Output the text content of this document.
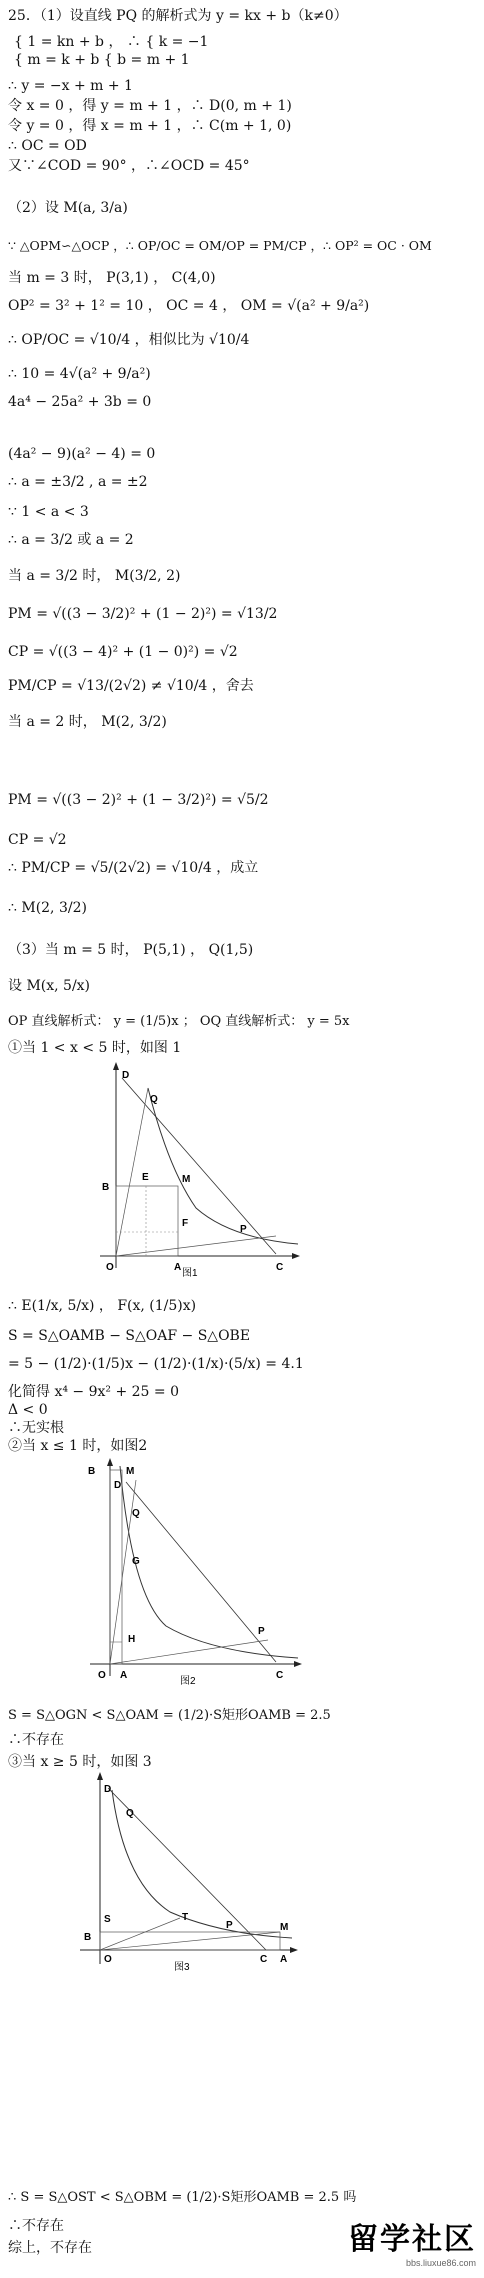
25．（1）设直线 PQ 的解析式为 y = kx + b（k≠0）
{ 1 = kn + b ， ∴ { k = −1
{ m = k + b { b = m + 1
∴ y = −x + m + 1
令 x = 0 ，得 y = m + 1 ，∴ D(0, m + 1)
令 y = 0 ，得 x = m + 1 ，∴ C(m + 1, 0)
∴ OC = OD
又∵∠COD = 90° ，∴∠OCD = 45°
（2）设 M(a, 3/a)
∵ △OPM∽△OCP ，∴ OP/OC = OM/OP = PM/CP ，∴ OP² = OC · OM
当 m = 3 时， P(3,1) ， C(4,0)
OP² = 3² + 1² = 10 ， OC = 4 ， OM = √(a² + 9/a²)
∴ OP/OC = √10/4 ，相似比为 √10/4
∴ 10 = 4√(a² + 9/a²)
4a⁴ − 25a² + 3b = 0
(4a² − 9)(a² − 4) = 0
∴ a = ±3/2 , a = ±2
∵ 1 < a < 3
∴ a = 3/2 或 a = 2
当 a = 3/2 时， M(3/2, 2)
PM = √((3 − 3/2)² + (1 − 2)²) = √13/2
CP = √((3 − 4)² + (1 − 0)²) = √2
PM/CP = √13/(2√2) ≠ √10/4 ，舍去
当 a = 2 时， M(2, 3/2)
PM = √((3 − 2)² + (1 − 3/2)²) = √5/2
CP = √2
∴ PM/CP = √5/(2√2) = √10/4 ，成立
∴ M(2, 3/2)
（3）当 m = 5 时， P(5,1) ， Q(1,5)
设 M(x, 5/x)
OP 直线解析式： y = (1/5)x ； OQ 直线解析式： y = 5x
①当 1 < x < 5 时，如图 1
D
Q
E	M
B
F
P
O	A	C
图1
∴ E(1/x, 5/x) ， F(x, (1/5)x)
S = S△OAMB − S△OAF − S△OBE
= 5 − (1/2)·(1/5)x − (1/2)·(1/x)·(5/x) = 4.1
化简得 x⁴ − 9x² + 25 = 0
Δ < 0
∴无实根
②当 x ≤ 1 时，如图2
B
D
M
Q
G
P
H
O A	C
图2
S = S△OGN < S△OAM = (1/2)·S矩形OAMB = 2.5
∴不存在
③当 x ≥ 5 时，如图 3
D
Q
S	T
P	M
B
O	C A
图3
∴ S = S△OST < S△OBM = (1/2)·S矩形OAMB = 2.5 吗
∴不存在
综上，不存在	留学社区
bbs.liuxue86.com
